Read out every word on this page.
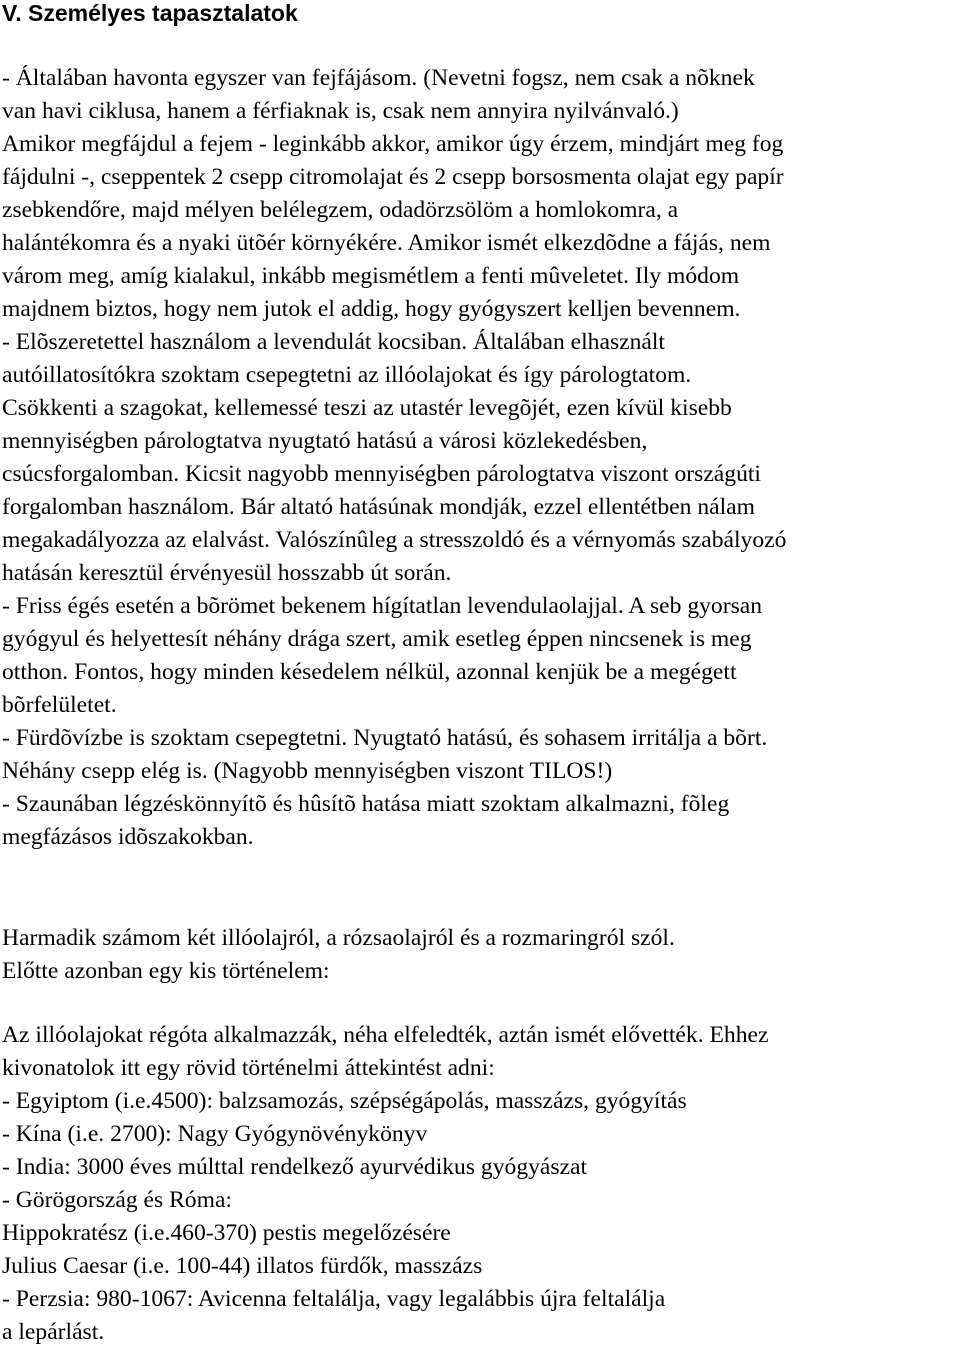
V. Személyes tapasztalatok
- Általában havonta egyszer van fejfájásom. (Nevetni fogsz, nem csak a nõknek
van havi ciklusa, hanem a férfiaknak is, csak nem annyira nyilvánvaló.)
Amikor megfájdul a fejem - leginkább akkor, amikor úgy érzem, mindjárt meg fog
fájdulni -, cseppentek 2 csepp citromolajat és 2 csepp borsosmenta olajat egy papír
zsebkendőre, majd mélyen belélegzem, odadörzsölöm a homlokomra, a
halántékomra és a nyaki ütõér környékére. Amikor ismét elkezdõdne a fájás, nem
várom meg, amíg kialakul, inkább megismétlem a fenti mûveletet. Ily módom
majdnem biztos, hogy nem jutok el addig, hogy gyógyszert kelljen bevennem.
- Elõszeretettel használom a levendulát kocsiban. Általában elhasznált
autóillatosítókra szoktam csepegtetni az illóolajokat és így párologtatom.
Csökkenti a szagokat, kellemessé teszi az utastér levegõjét, ezen kívül kisebb
mennyiségben párologtatva nyugtató hatású a városi közlekedésben,
csúcsforgalomban. Kicsit nagyobb mennyiségben párologtatva viszont országúti
forgalomban használom. Bár altató hatásúnak mondják, ezzel ellentétben nálam
megakadályozza az elalvást. Valószínûleg a stresszoldó és a vérnyomás szabályozó
hatásán keresztül érvényesül hosszabb út során.
- Friss égés esetén a bõrömet bekenem hígítatlan levendulaolajjal. A seb gyorsan
gyógyul és helyettesít néhány drága szert, amik esetleg éppen nincsenek is meg
otthon. Fontos, hogy minden késedelem nélkül, azonnal kenjük be a megégett
bõrfelületet.
- Fürdõvízbe is szoktam csepegtetni. Nyugtató hatású, és sohasem irritálja a bõrt.
Néhány csepp elég is. (Nagyobb mennyiségben viszont TILOS!)
- Szaunában légzéskönnyítõ és hûsítõ hatása miatt szoktam alkalmazni, fõleg
megfázásos idõszakokban.
Harmadik számom két illóolajról, a rózsaolajról és a rozmaringról szól.
Előtte azonban egy kis történelem:
Az illóolajokat régóta alkalmazzák, néha elfeledték, aztán ismét elővették. Ehhez
kivonatolok itt egy rövid történelmi áttekintést adni:
- Egyiptom (i.e.4500): balzsamozás, szépségápolás, masszázs, gyógyítás
- Kína (i.e. 2700): Nagy Gyógynövénykönyv
- India: 3000 éves múlttal rendelkező ayurvédikus gyógyászat
- Görögország és Róma:
Hippokratész (i.e.460-370) pestis megelőzésére
Julius Caesar (i.e. 100-44) illatos fürdők, masszázs
- Perzsia: 980-1067: Avicenna feltalálja, vagy legalábbis újra feltalálja
a lepárlást.
